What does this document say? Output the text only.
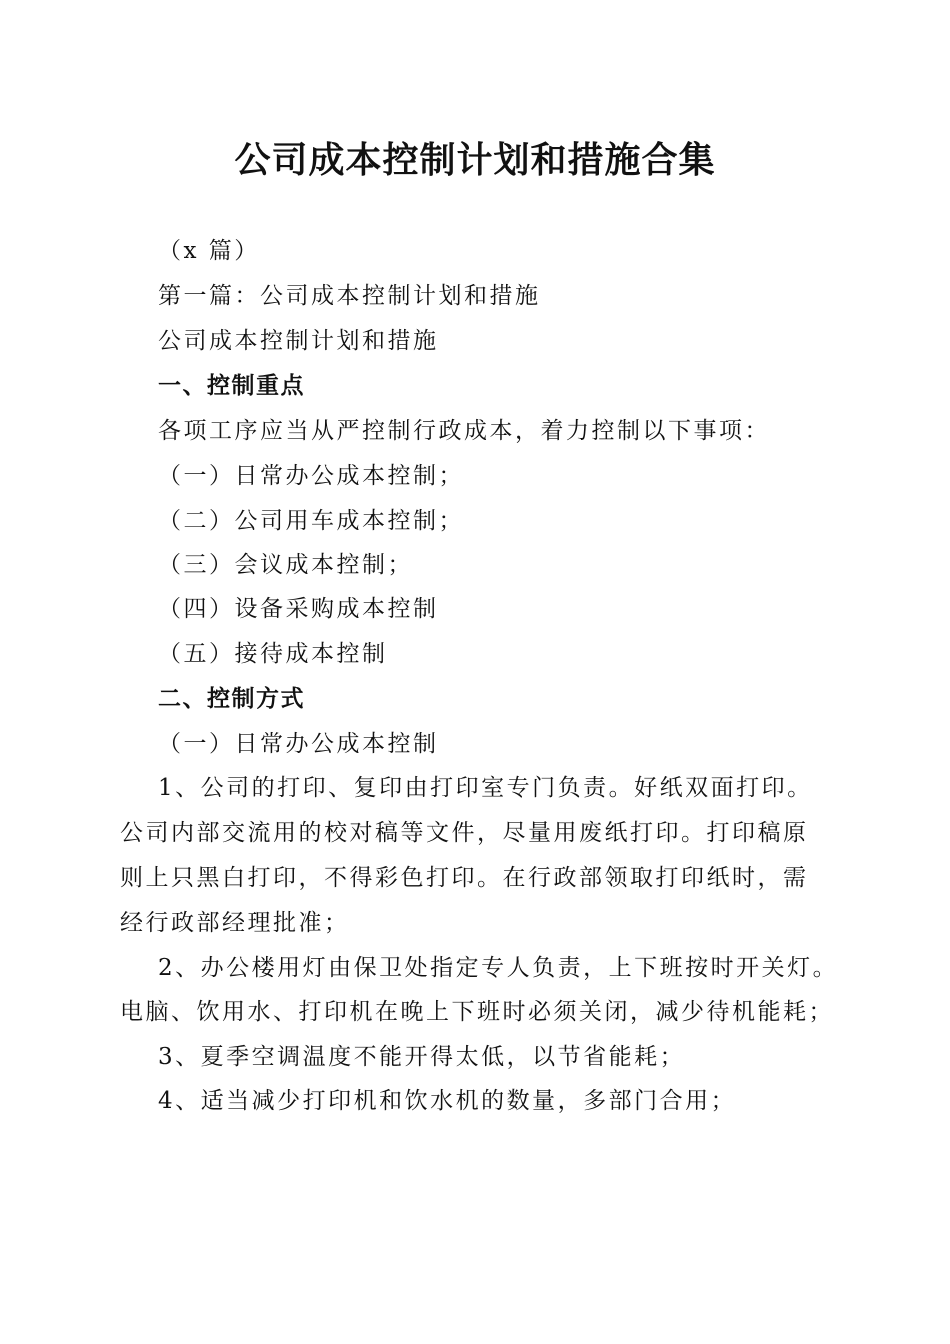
公司成本控制计划和措施合集

（x 篇）

第一篇：公司成本控制计划和措施

公司成本控制计划和措施

一、控制重点

各项工序应当从严控制行政成本，着力控制以下事项：

（一）日常办公成本控制；

（二）公司用车成本控制；

（三）会议成本控制；

（四）设备采购成本控制

（五）接待成本控制

二、控制方式

（一）日常办公成本控制

1、公司的打印、复印由打印室专门负责。好纸双面打印。

公司内部交流用的校对稿等文件，尽量用废纸打印。打印稿原

则上只黑白打印，不得彩色打印。在行政部领取打印纸时，需

经行政部经理批准；

2、办公楼用灯由保卫处指定专人负责，上下班按时开关灯。

电脑、饮用水、打印机在晚上下班时必须关闭，减少待机能耗；

3、夏季空调温度不能开得太低，以节省能耗；

4、适当减少打印机和饮水机的数量，多部门合用；
